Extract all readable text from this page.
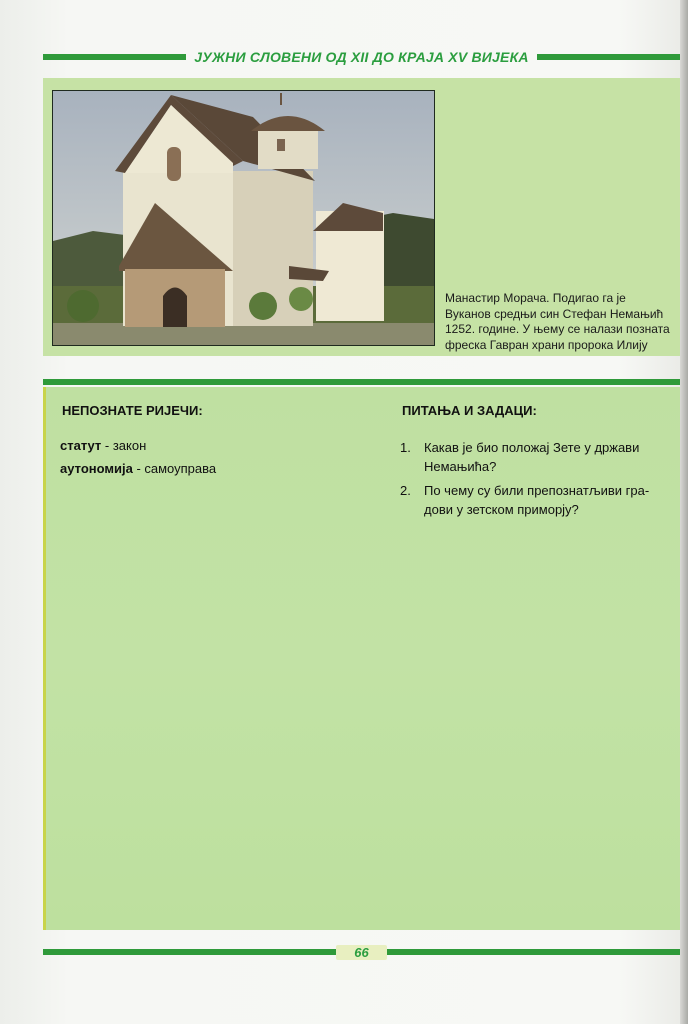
ЈУЖНИ СЛОВЕНИ ОД XII ДО КРАЈА XV ВИЈЕКА
Манастир Морача. Подигао га је
Вуканов средњи син Стефан Немањић
1252. године. У њему се налази позната
фреска Гавран храни пророка Илију
НЕПОЗНАТЕ РИЈЕЧИ:
статут - закон
аутономија - самоуправа
ПИТАЊА И ЗАДАЦИ:
1.	Какав је био положај Зете у држави
Немањића?
2.	По чему су били препознатљиви гра-
дови у зетском приморју?
66
